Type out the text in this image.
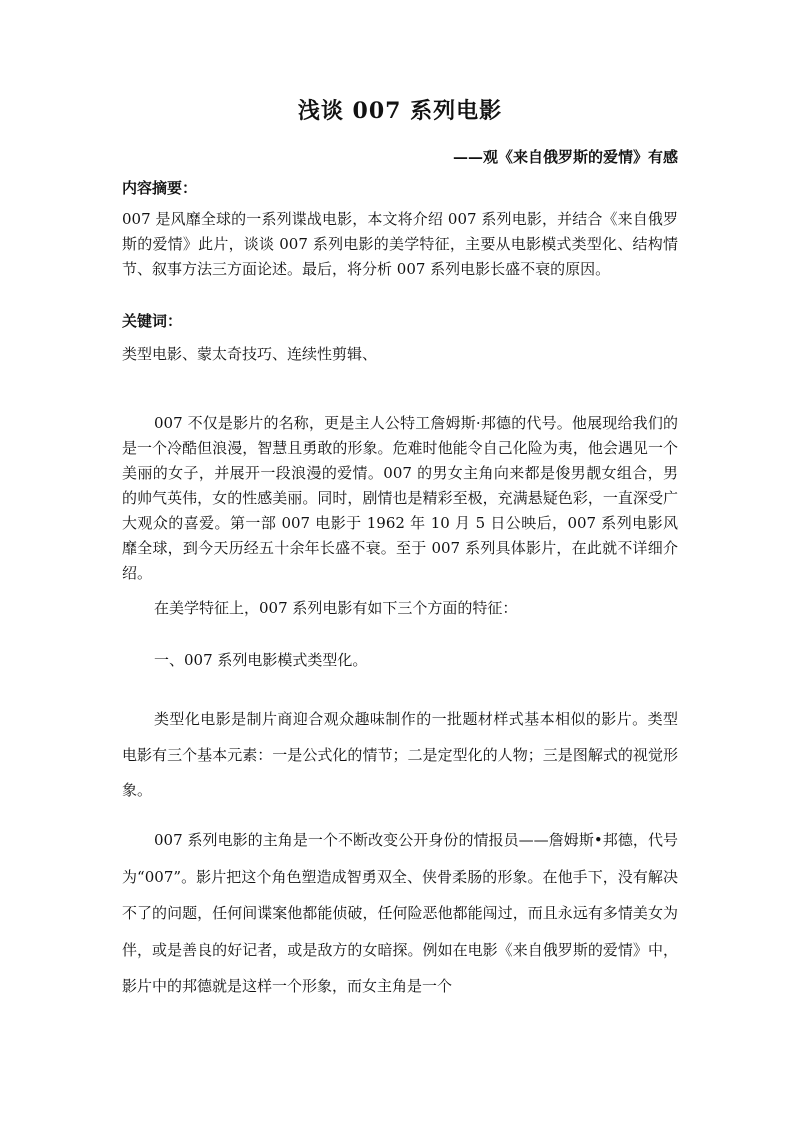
浅谈 007 系列电影
——观《来自俄罗斯的爱情》有感
内容摘要：
007 是风靡全球的一系列谍战电影，本文将介绍 007 系列电影，并结合《来自俄罗斯的爱情》此片，谈谈 007 系列电影的美学特征，主要从电影模式类型化、结构情节、叙事方法三方面论述。最后，将分析 007 系列电影长盛不衰的原因。
关键词：
类型电影、蒙太奇技巧、连续性剪辑、
007 不仅是影片的名称，更是主人公特工詹姆斯·邦德的代号。他展现给我们的是一个冷酷但浪漫，智慧且勇敢的形象。危难时他能令自己化险为夷，他会遇见一个美丽的女子，并展开一段浪漫的爱情。007 的男女主角向来都是俊男靓女组合，男的帅气英伟，女的性感美丽。同时，剧情也是精彩至极，充满悬疑色彩，一直深受广大观众的喜爱。第一部 007 电影于 1962 年 10 月 5 日公映后，007 系列电影风靡全球，到今天历经五十余年长盛不衰。至于 007 系列具体影片，在此就不详细介绍。
在美学特征上，007 系列电影有如下三个方面的特征：
一、007 系列电影模式类型化。
类型化电影是制片商迎合观众趣味制作的一批题材样式基本相似的影片。类型电影有三个基本元素：一是公式化的情节；二是定型化的人物；三是图解式的视觉形象。
007 系列电影的主角是一个不断改变公开身份的情报员——詹姆斯•邦德，代号为“007”。影片把这个角色塑造成智勇双全、侠骨柔肠的形象。在他手下，没有解决不了的问题，任何间谍案他都能侦破，任何险恶他都能闯过，而且永远有多情美女为伴，或是善良的好记者，或是敌方的女暗探。例如在电影《来自俄罗斯的爱情》中，影片中的邦德就是这样一个形象，而女主角是一个
